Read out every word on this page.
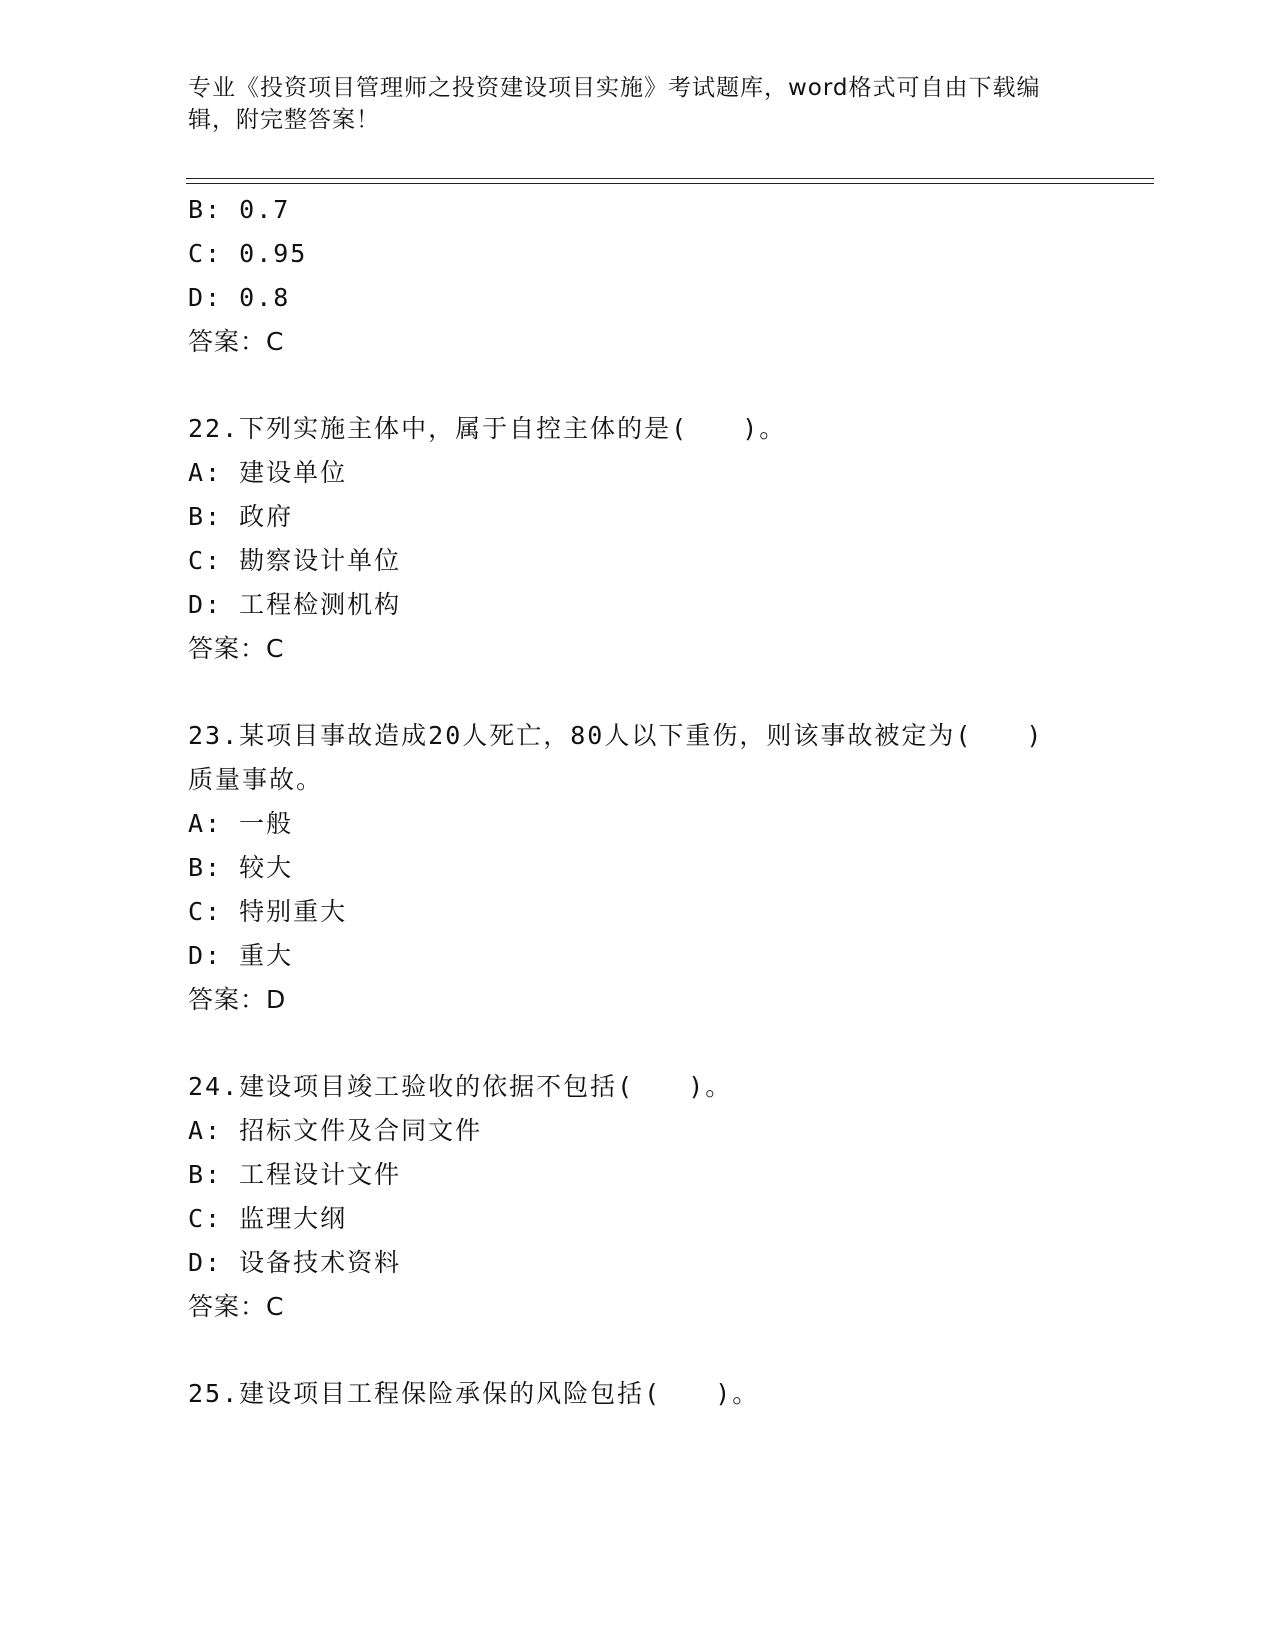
专业《投资项目管理师之投资建设项目实施》考试题库，word格式可自由下载编
辑，附完整答案！
B: 0.7
C: 0.95
D: 0.8
答案：C
22.下列实施主体中，属于自控主体的是(　　)。
A: 建设单位
B: 政府
C: 勘察设计单位
D: 工程检测机构
答案：C
23.某项目事故造成20人死亡，80人以下重伤，则该事故被定为(　　)
质量事故。
A: 一般
B: 较大
C: 特别重大
D: 重大
答案：D
24.建设项目竣工验收的依据不包括(　　)。
A: 招标文件及合同文件
B: 工程设计文件
C: 监理大纲
D: 设备技术资料
答案：C
25.建设项目工程保险承保的风险包括(　　)。
